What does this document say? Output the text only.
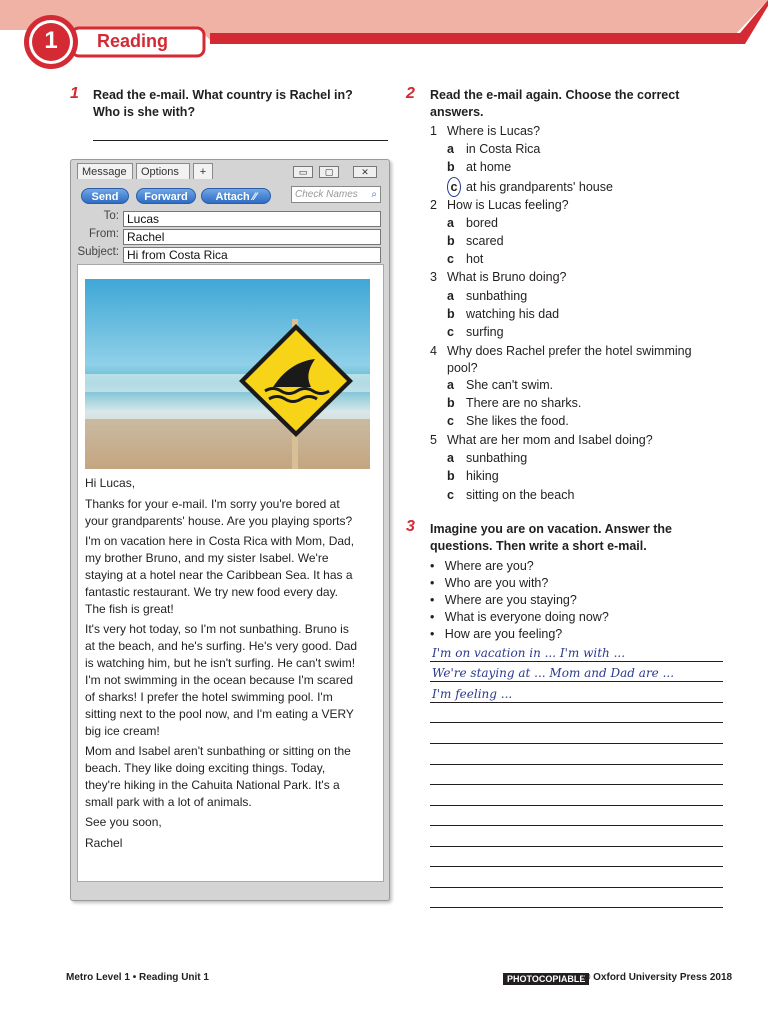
1	Reading
1 Read the e-mail. What country is Rachel in?
Who is she with?
Message	Options	+	▭	▢	✕
Send	Forward	Attach ⁄⁄	Check Names ⌕
To: Lucas
From: Rachel
Subject: Hi from Costa Rica

Hi Lucas,

Thanks for your e-mail. I'm sorry you're bored at your grandparents' house. Are you playing sports?

I'm on vacation here in Costa Rica with Mom, Dad, my brother Bruno, and my sister Isabel. We're staying at a hotel near the Caribbean Sea. It has a fantastic restaurant. We try new food every day. The fish is great!

It's very hot today, so I'm not sunbathing. Bruno is at the beach, and he's surfing. He's very good. Dad is watching him, but he isn't surfing. He can't swim! I'm not swimming in the ocean because I'm scared of sharks! I prefer the hotel swimming pool. I'm sitting next to the pool now, and I'm eating a VERY big ice cream!

Mom and Isabel aren't sunbathing or sitting on the beach. They like doing exciting things. Today, they're hiking in the Cahuita National Park. It's a small park with a lot of animals.

See you soon,

Rachel

2 Read the e-mail again. Choose the correct
answers.
1 Where is Lucas?
a in Costa Rica
b at home
c at his grandparents' house
2 How is Lucas feeling?
a bored
b scared
c hot
3 What is Bruno doing?
a sunbathing
b watching his dad
c surfing
4 Why does Rachel prefer the hotel swimming
pool?
a She can't swim.
b There are no sharks.
c She likes the food.
5 What are her mom and Isabel doing?
a sunbathing
b hiking
c sitting on the beach
3 Imagine you are on vacation. Answer the
questions. Then write a short e-mail.
•   Where are you?
•   Who are you with?
•   Where are you staying?
•   What is everyone doing now?
•   How are you feeling?
I'm on vacation in ... I'm with ...
We're staying at ... Mom and Dad are ...
I'm feeling ...
Metro Level 1 • Reading Unit 1	PHOTOCOPIABLE
© Oxford University Press 2018
